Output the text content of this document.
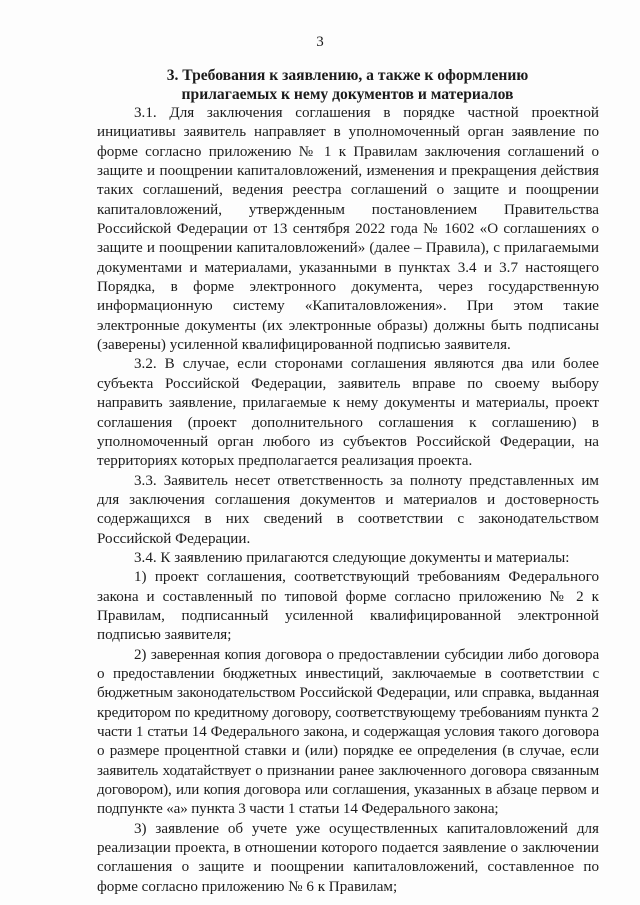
3
3. Требования к заявлению, а также к оформлению
прилагаемых к нему документов и материалов

3.1. Для заключения соглашения в порядке частной проектной инициативы заявитель направляет в уполномоченный орган заявление по форме согласно приложению № 1 к Правилам заключения соглашений о защите и поощрении капиталовложений, изменения и прекращения действия таких соглашений, ведения реестра соглашений о защите и поощрении капиталовложений, утвержденным постановлением Правительства Российской Федерации от 13 сентября 2022 года № 1602 «О соглашениях о защите и поощрении капиталовложений» (далее – Правила), с прилагаемыми документами и материалами, указанными в пунктах 3.4 и 3.7 настоящего Порядка, в форме электронного документа, через государственную информационную систему «Капиталовложения». При этом такие электронные документы (их электронные образы) должны быть подписаны (заверены) усиленной квалифицированной подписью заявителя.

3.2. В случае, если сторонами соглашения являются два или более субъекта Российской Федерации, заявитель вправе по своему выбору направить заявление, прилагаемые к нему документы и материалы, проект соглашения (проект дополнительного соглашения к соглашению) в уполномоченный орган любого из субъектов Российской Федерации, на территориях которых предполагается реализация проекта.

3.3. Заявитель несет ответственность за полноту представленных им для заключения соглашения документов и материалов и достоверность содержащихся в них сведений в соответствии с законодательством Российской Федерации.

3.4. К заявлению прилагаются следующие документы и материалы:

1) проект соглашения, соответствующий требованиям Федерального закона и составленный по типовой форме согласно приложению № 2 к Правилам, подписанный усиленной квалифицированной электронной подписью заявителя;

2) заверенная копия договора о предоставлении субсидии либо договора о предоставлении бюджетных инвестиций, заключаемые в соответствии с бюджетным законодательством Российской Федерации, или справка, выданная кредитором по кредитному договору, соответствующему требованиям пункта 2 части 1 статьи 14 Федерального закона, и содержащая условия такого договора о размере процентной ставки и (или) порядке ее определения (в случае, если заявитель ходатайствует о признании ранее заключенного договора связанным договором), или копия договора или соглашения, указанных в абзаце первом и подпункте «а» пункта 3 части 1 статьи 14 Федерального закона;

3) заявление об учете уже осуществленных капиталовложений для реализации проекта, в отношении которого подается заявление о заключении соглашения о защите и поощрении капиталовложений, составленное по форме согласно приложению № 6 к Правилам;
